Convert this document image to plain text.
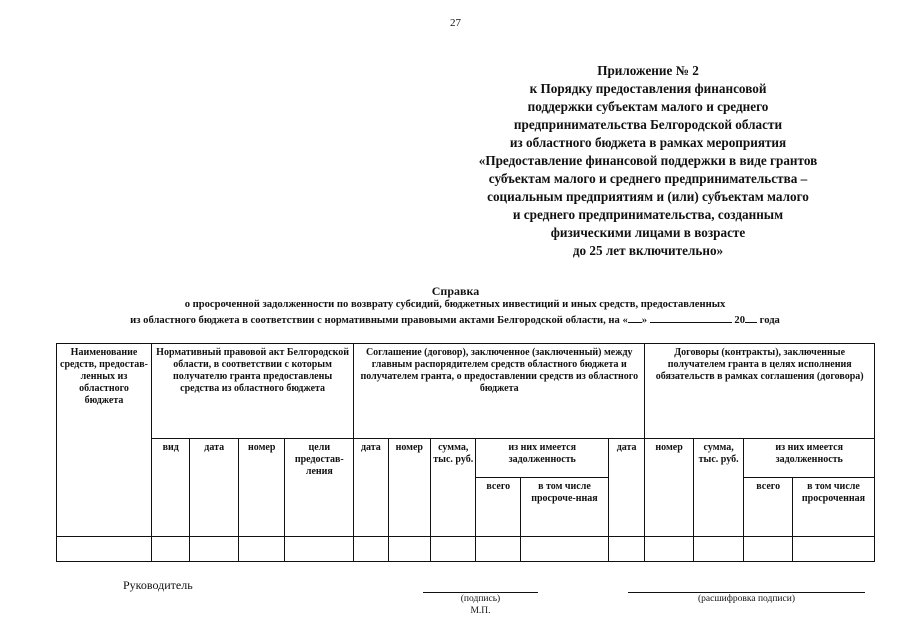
27
Приложение № 2
к Порядку предоставления финансовой
поддержки субъектам малого и среднего
предпринимательства Белгородской области
из областного бюджета в рамках мероприятия
«Предоставление финансовой поддержки в виде грантов
субъектам малого и среднего предпринимательства –
социальным предприятиям и (или) субъектам малого
и среднего предпринимательства, созданным
физическими лицами в возрасте
до 25 лет включительно»
Справка
о просроченной задолженности по возврату субсидий, бюджетных инвестиций и иных средств, предоставленных
из областного бюджета в соответствии с нормативными правовыми актами Белгородской области, на « »	20 года
Наименование средств, предостав-ленных из областного бюджета	Нормативный правовой акт Белгородской области, в соответствии с которым получателю гранта предоставлены средства из областного бюджета				Соглашение (договор), заключенное (заключенный) между главным распорядителем средств областного бюджета и получателем гранта, о предоставлении средств из областного бюджета						Договоры (контракты), заключенные получателем гранта в целях исполнения обязательств в рамках соглашения (договора)			
	вид	дата	номер	цели предостав-ления	дата	номер	сумма, тыс. руб.	из них имеется задолженность		дата	номер	сумма, тыс. руб.	из них имеется задолженность	
								всего	в том числе просроче-нная				всего	в том числе просроченная

Руководитель
(подпись)
М.П.
(расшифровка подписи)
